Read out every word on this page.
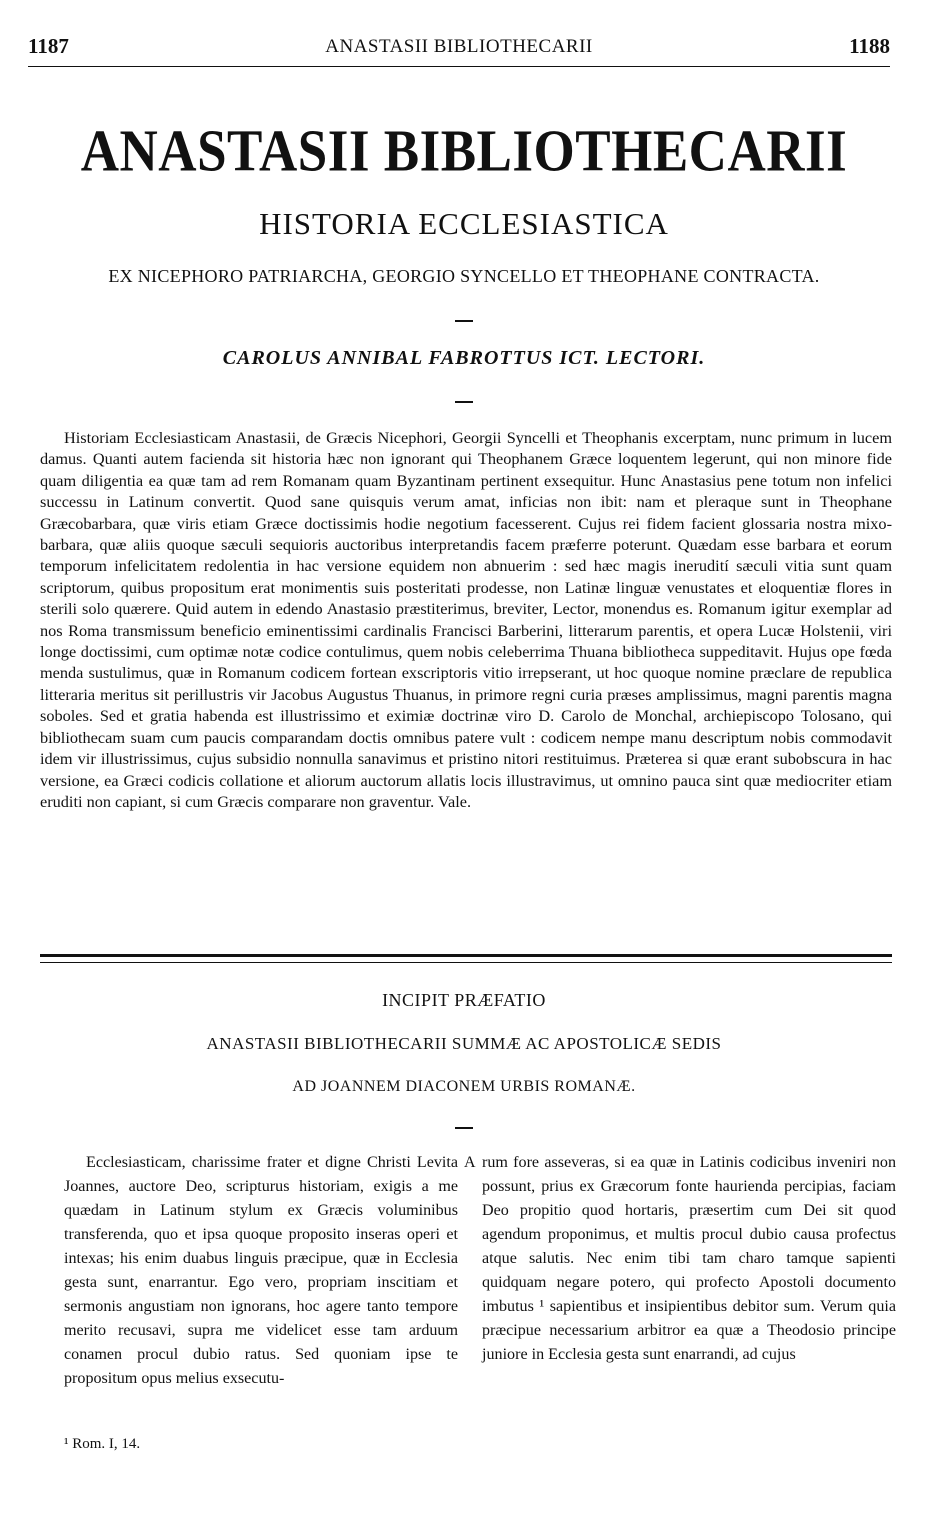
1187	ANASTASII BIBLIOTHECARII	1188
ANASTASII BIBLIOTHECARII
HISTORIA ECCLESIASTICA
EX NICEPHORO PATRIARCHA, GEORGIO SYNCELLO ET THEOPHANE CONTRACTA.
CAROLUS ANNIBAL FABROTTUS ICT. LECTORI.
Historiam Ecclesiasticam Anastasii, de Græcis Nicephori, Georgii Syncelli et Theophanis excerptam, nunc primum in lucem damus. Quanti autem facienda sit historia hæc non ignorant qui Theophanem Græce loquentem legerunt, qui non minore fide quam diligentia ea quæ tam ad rem Romanam quam Byzantinam pertinent exsequitur. Hunc Anastasius pene totum non infelici successu in Latinum convertit. Quod sane quisquis verum amat, inficias non ibit: nam et pleraque sunt in Theophane Græcobarbara, quæ viris etiam Græce doctissimis hodie negotium facesserent. Cujus rei fidem facient glossaria nostra mixo-barbara, quæ aliis quoque sæculi sequioris auctoribus interpretandis facem præferre poterunt. Quædam esse barbara et eorum temporum infelicitatem redolentia in hac versione equidem non abnuerim : sed hæc magis inerudití sæculi vitia sunt quam scriptorum, quibus propositum erat monimentis suis posteritati prodesse, non Latinæ linguæ venustates et eloquentiæ flores in sterili solo quærere. Quid autem in edendo Anastasio præstiterimus, breviter, Lector, monendus es. Romanum igitur exemplar ad nos Roma transmissum beneficio eminentissimi cardinalis Francisci Barberini, litterarum parentis, et opera Lucæ Holstenii, viri longe doctissimi, cum optimæ notæ codice contulimus, quem nobis celeberrima Thuana bibliotheca suppeditavit. Hujus ope fœda menda sustulimus, quæ in Romanum codicem fortean exscriptoris vitio irrepserant, ut hoc quoque nomine præclare de republica litteraria meritus sit perillustris vir Jacobus Augustus Thuanus, in primore regni curia præses amplissimus, magni parentis magna soboles. Sed et gratia habenda est illustrissimo et eximiæ doctrinæ viro D. Carolo de Monchal, archiepiscopo Tolosano, qui bibliothecam suam cum paucis comparandam doctis omnibus patere vult : codicem nempe manu descriptum nobis commodavit idem vir illustrissimus, cujus subsidio nonnulla sanavimus et pristino nitori restituimus. Præterea si quæ erant subobscura in hac versione, ea Græci codicis collatione et aliorum auctorum allatis locis illustravimus, ut omnino pauca sint quæ mediocriter etiam eruditi non capiant, si cum Græcis comparare non graventur. Vale.
INCIPIT PRÆFATIO
ANASTASII BIBLIOTHECARII SUMMÆ AC APOSTOLICÆ SEDIS
AD JOANNEM DIACONEM URBIS ROMANÆ.
Ecclesiasticam, charissime frater et digne Christi Levita Joannes, auctore Deo, scripturus historiam, exigis a me quædam in Latinum stylum ex Græcis voluminibus transferenda, quo et ipsa quoque proposito inseras operi et intexas; his enim duabus linguis præcipue, quæ in Ecclesia gesta sunt, enarrantur. Ego vero, propriam inscitiam et sermonis angustiam non ignorans, hoc agere tanto tempore merito recusavi, supra me videlicet esse tam arduum conamen procul dubio ratus. Sed quoniam ipse te propositum opus melius exsecutu-
A rum fore asseveras, si ea quæ in Latinis codicibus inveniri non possunt, prius ex Græcorum fonte haurienda percipias, faciam Deo propitio quod hortaris, præsertim cum Dei sit quod agendum proponimus, et multis procul dubio causa profectus atque salutis. Nec enim tibi tam charo tamque sapienti quidquam negare potero, qui profecto Apostoli documento imbutus ¹ sapientibus et insipientibus debitor sum. Verum quia præcipue necessarium arbitror ea quæ a Theodosio principe juniore in Ecclesia gesta sunt enarrandi, ad cujus
¹ Rom. I, 14.
